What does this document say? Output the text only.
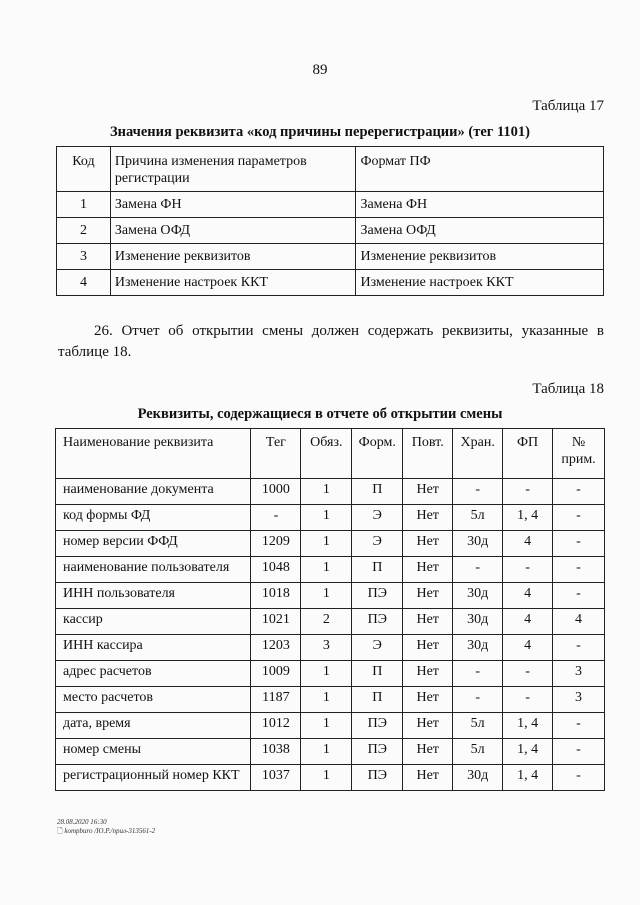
89
Таблица 17
Значения реквизита «код причины перерегистрации» (тег 1101)
Код	Причина изменения параметров регистрации	Формат ПФ
1	Замена ФН	Замена ФН
2	Замена ОФД	Замена ОФД
3	Изменение реквизитов	Изменение реквизитов
4	Изменение настроек ККТ	Изменение настроек ККТ
26. Отчет об открытии смены должен содержать реквизиты, указанные в таблице 18.
Таблица 18
Реквизиты, содержащиеся в отчете об открытии смены
Наименование реквизита	Тег	Обяз.	Форм.	Повт.	Хран.	ФП	№ прим.
наименование документа	1000	1	П	Нет	-	-	-
код формы ФД	-	1	Э	Нет	5л	1, 4	-
номер версии ФФД	1209	1	Э	Нет	30д	4	-
наименование пользователя	1048	1	П	Нет	-	-	-
ИНН пользователя	1018	1	ПЭ	Нет	30д	4	-
кассир	1021	2	ПЭ	Нет	30д	4	4
ИНН кассира	1203	3	Э	Нет	30д	4	-
адрес расчетов	1009	1	П	Нет	-	-	3
место расчетов	1187	1	П	Нет	-	-	3
дата, время	1012	1	ПЭ	Нет	5л	1, 4	-
номер смены	1038	1	ПЭ	Нет	5л	1, 4	-
регистрационный номер ККТ	1037	1	ПЭ	Нет	30д	1, 4	-
28.08.2020 16:30
🗋 kompburo /Ю.Р./прил-313561-2
